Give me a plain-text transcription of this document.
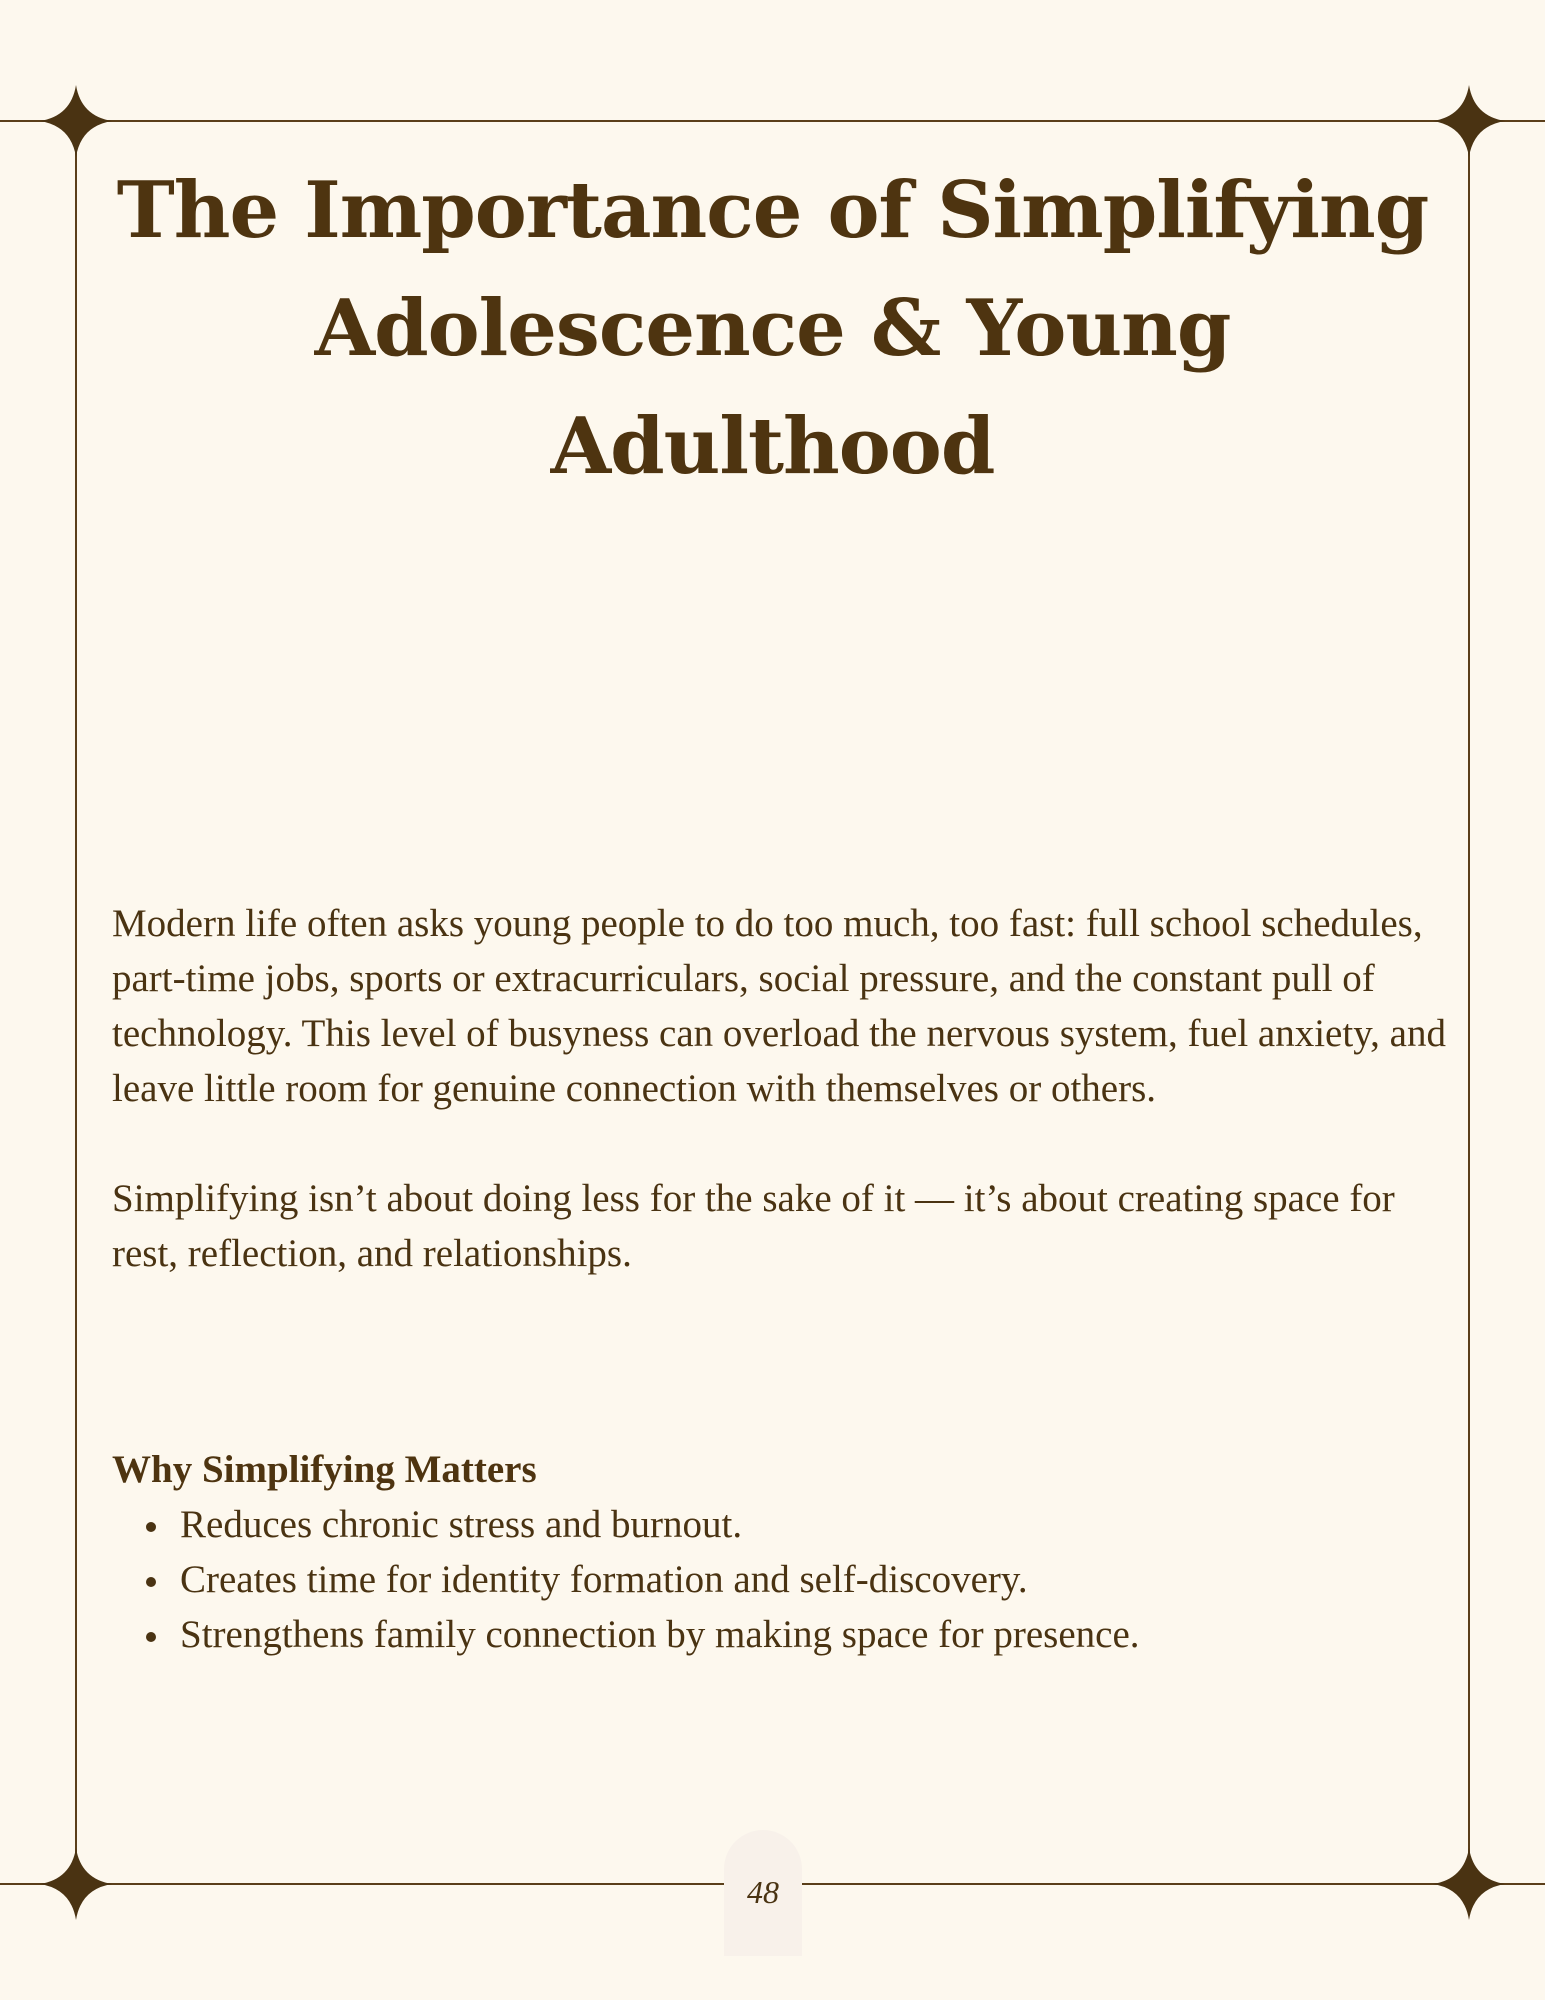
The Importance of Simplifying
Adolescence & Young Adulthood

Modern life often asks young people to do too much, too fast: full school schedules, part-time jobs, sports or extracurriculars, social pressure, and the constant pull of technology. This level of busyness can overload the nervous system, fuel anxiety, and leave little room for genuine connection with themselves or others.

Simplifying isn’t about doing less for the sake of it — it’s about creating space for rest, reflection, and relationships.

Why Simplifying Matters
Reduces chronic stress and burnout.
Creates time for identity formation and self-discovery.
Strengthens family connection by making space for presence.
48
